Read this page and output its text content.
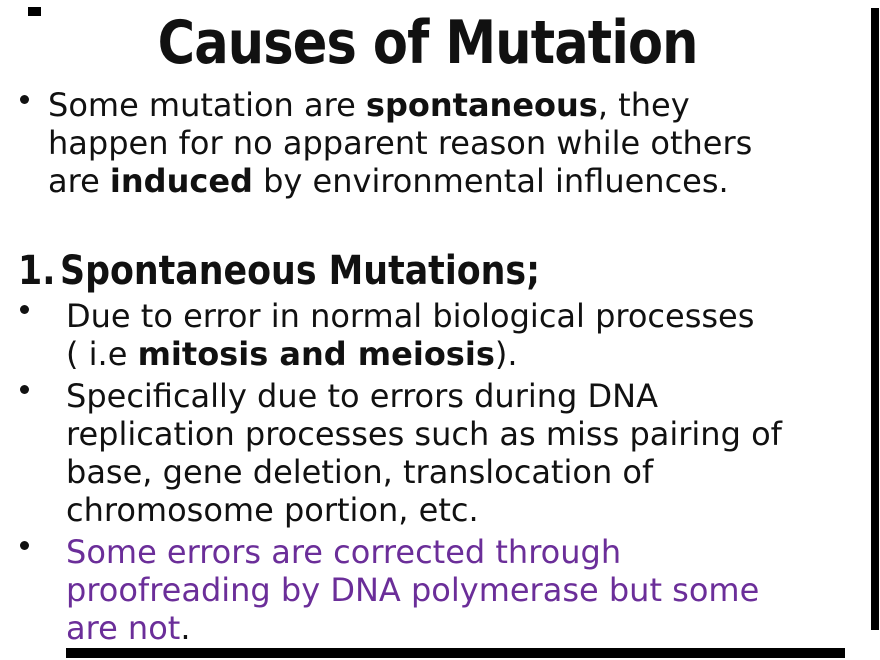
Causes of Mutation
Some mutation are spontaneous, they
happen for no apparent reason while others
are induced by environmental influences.
1. Spontaneous Mutations;
Due to error in normal biological processes
( i.e mitosis and meiosis).
Specifically due to errors during DNA
replication processes such as miss pairing of
base, gene deletion, translocation of
chromosome portion, etc.
Some errors are corrected through
proofreading by DNA polymerase but some
are not.
